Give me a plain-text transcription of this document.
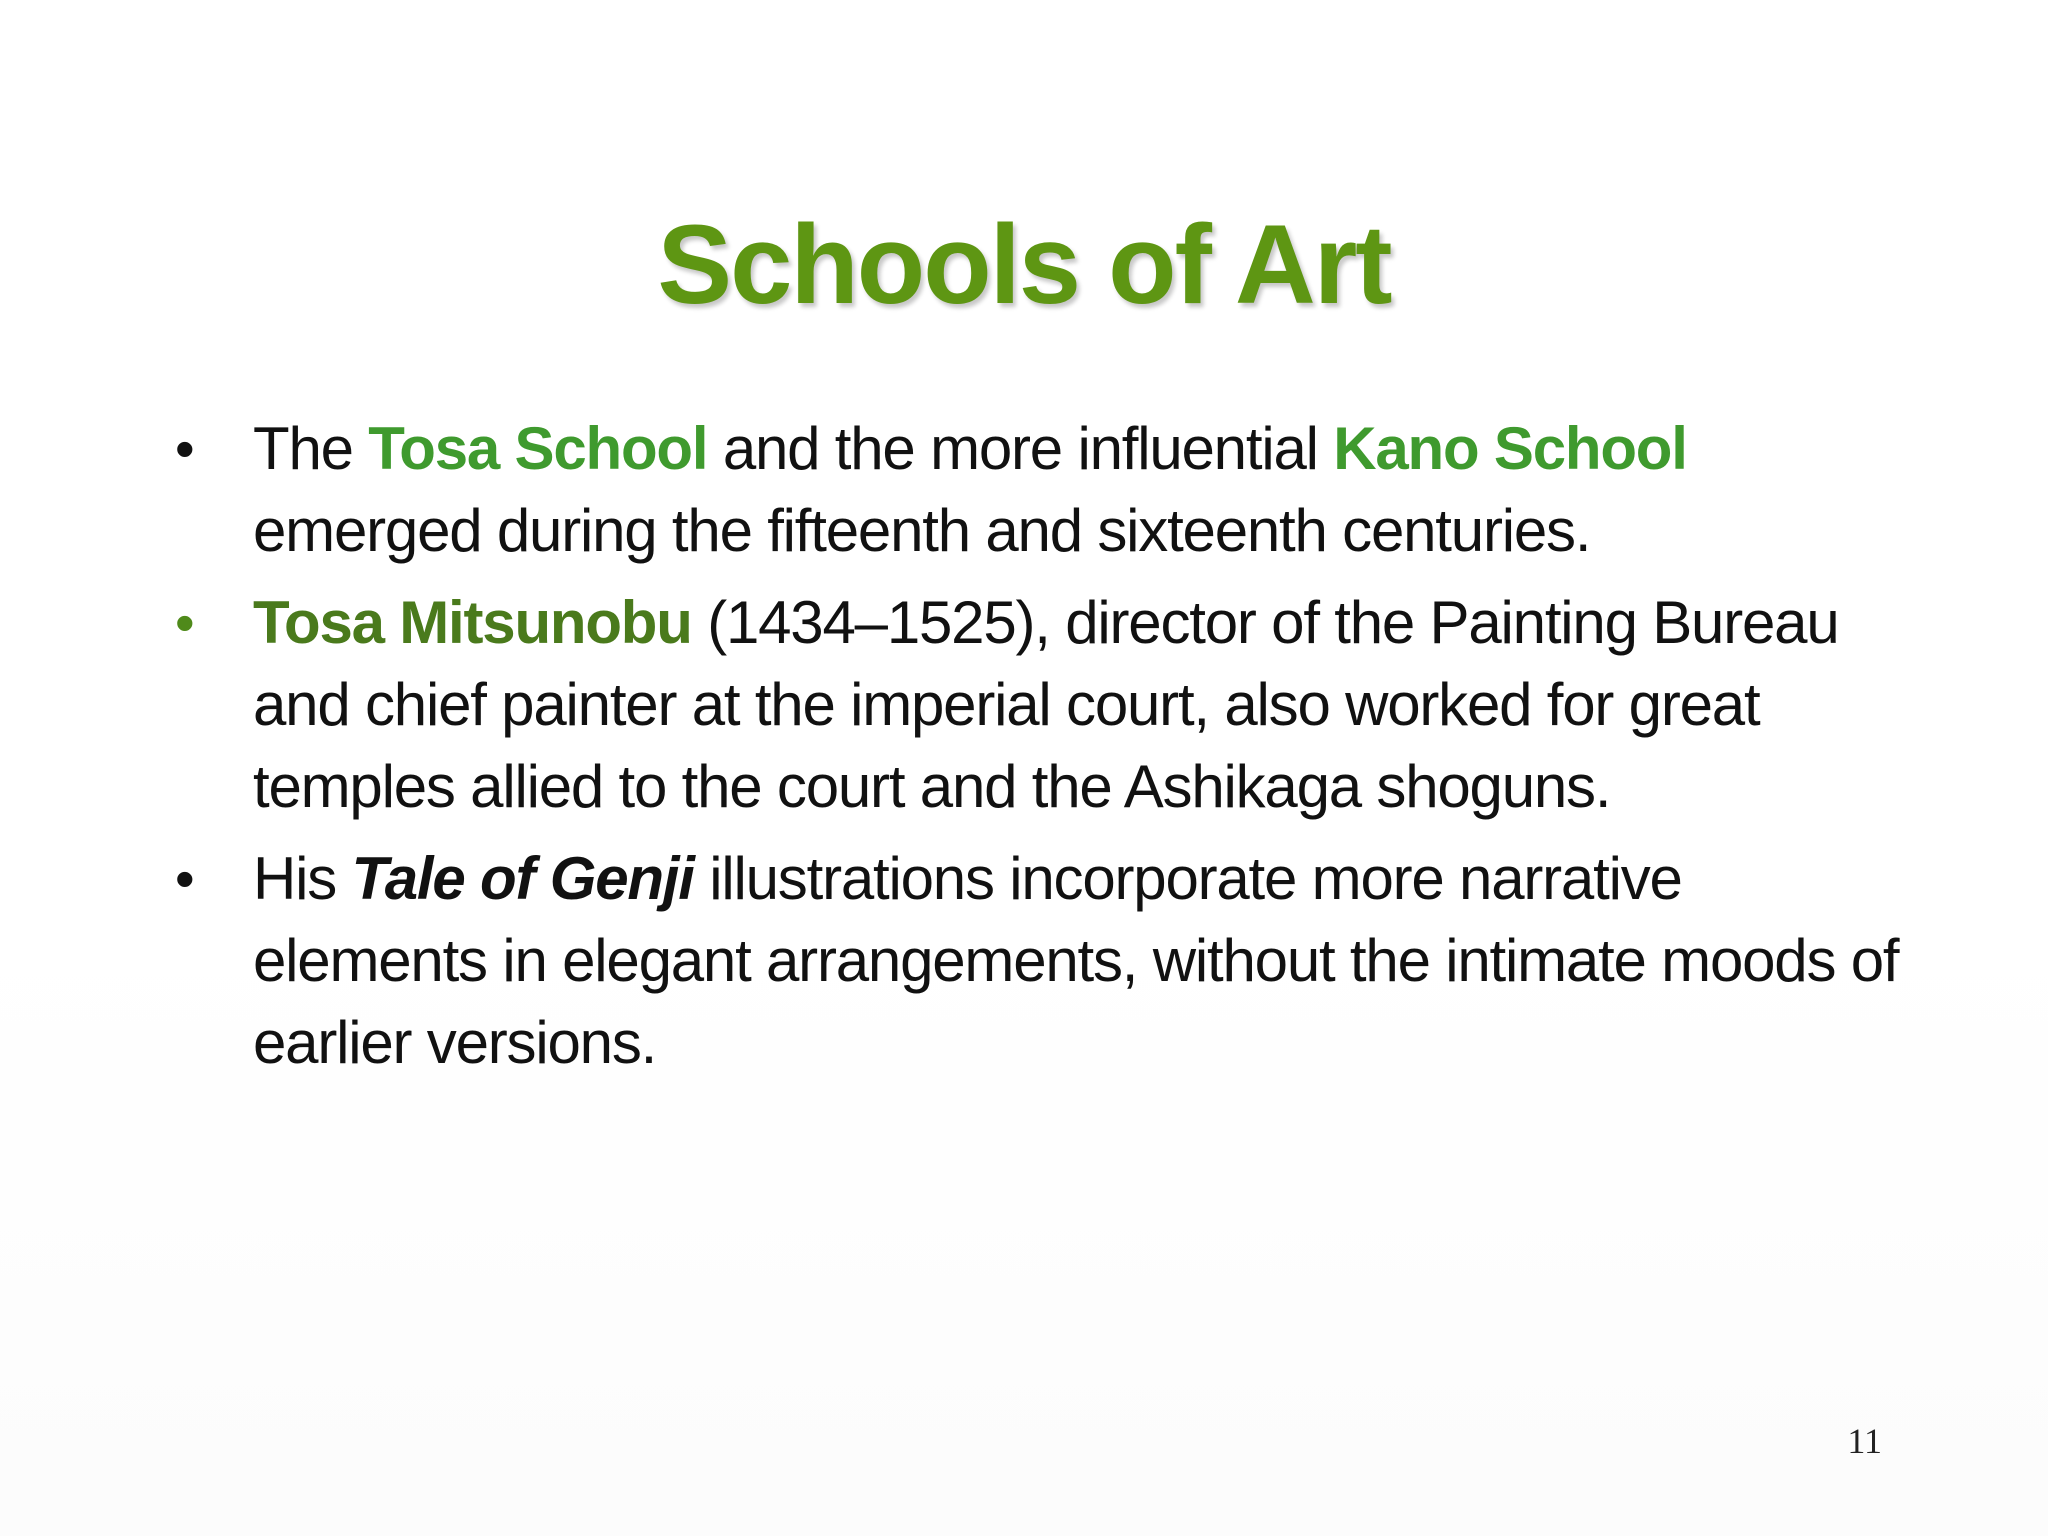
Schools of Art
• The Tosa School and the more influential Kano School emerged during the fifteenth and sixteenth centuries.
• Tosa Mitsunobu (1434–1525), director of the Painting Bureau and chief painter at the imperial court, also worked for great temples allied to the court and the Ashikaga shoguns.
• His Tale of Genji illustrations incorporate more narrative elements in elegant arrangements, without the intimate moods of earlier versions.
11
